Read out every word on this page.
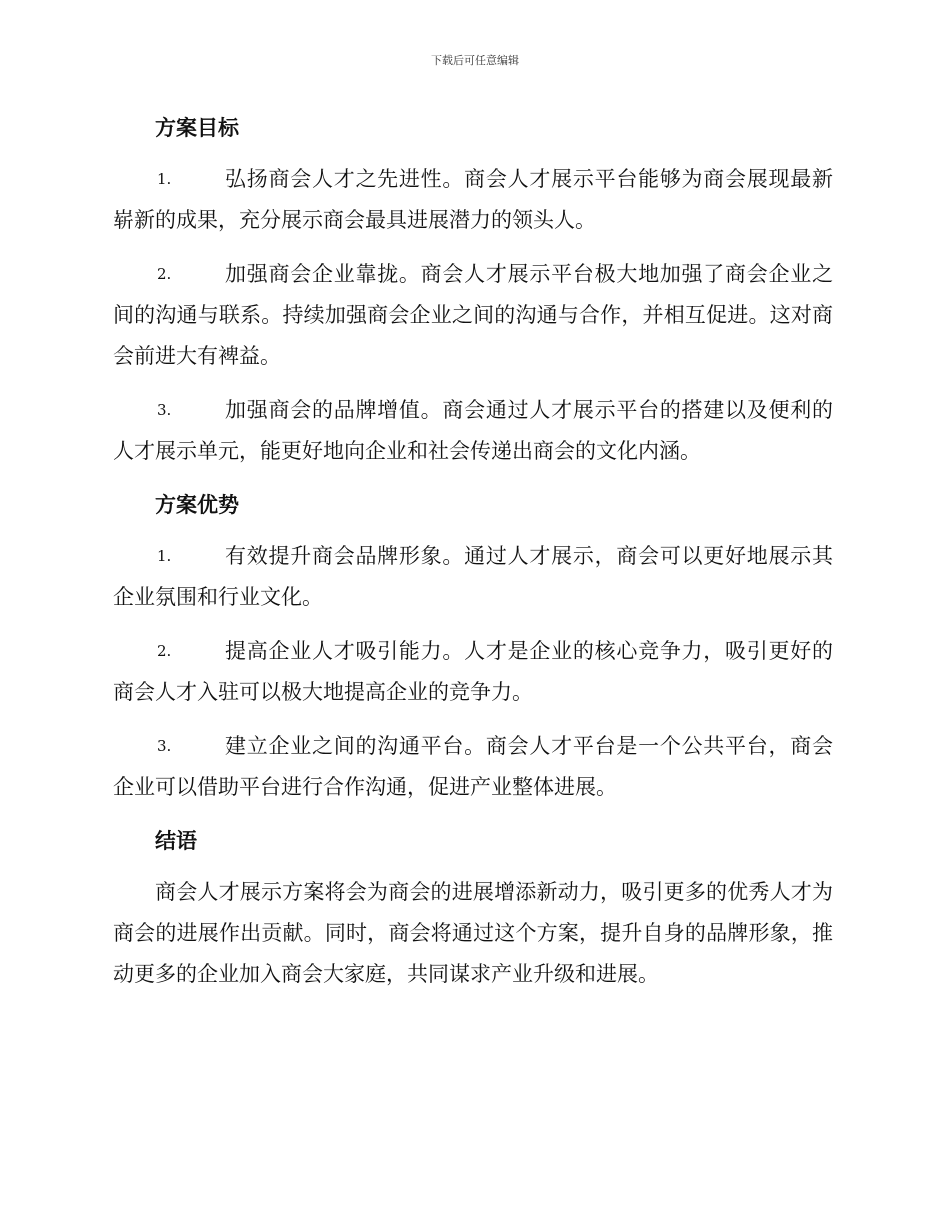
下载后可任意编辑
方案目标
1.	弘扬商会人才之先进性。商会人才展示平台能够为商会展现最新崭新的成果，充分展示商会最具进展潜力的领头人。
2.	加强商会企业靠拢。商会人才展示平台极大地加强了商会企业之间的沟通与联系。持续加强商会企业之间的沟通与合作，并相互促进。这对商会前进大有裨益。
3.	加强商会的品牌增值。商会通过人才展示平台的搭建以及便利的人才展示单元，能更好地向企业和社会传递出商会的文化内涵。
方案优势
1.	有效提升商会品牌形象。通过人才展示，商会可以更好地展示其企业氛围和行业文化。
2.	提高企业人才吸引能力。人才是企业的核心竞争力，吸引更好的商会人才入驻可以极大地提高企业的竞争力。
3.	建立企业之间的沟通平台。商会人才平台是一个公共平台，商会企业可以借助平台进行合作沟通，促进产业整体进展。
结语

商会人才展示方案将会为商会的进展增添新动力，吸引更多的优秀人才为商会的进展作出贡献。同时，商会将通过这个方案，提升自身的品牌形象，推动更多的企业加入商会大家庭，共同谋求产业升级和进展。
